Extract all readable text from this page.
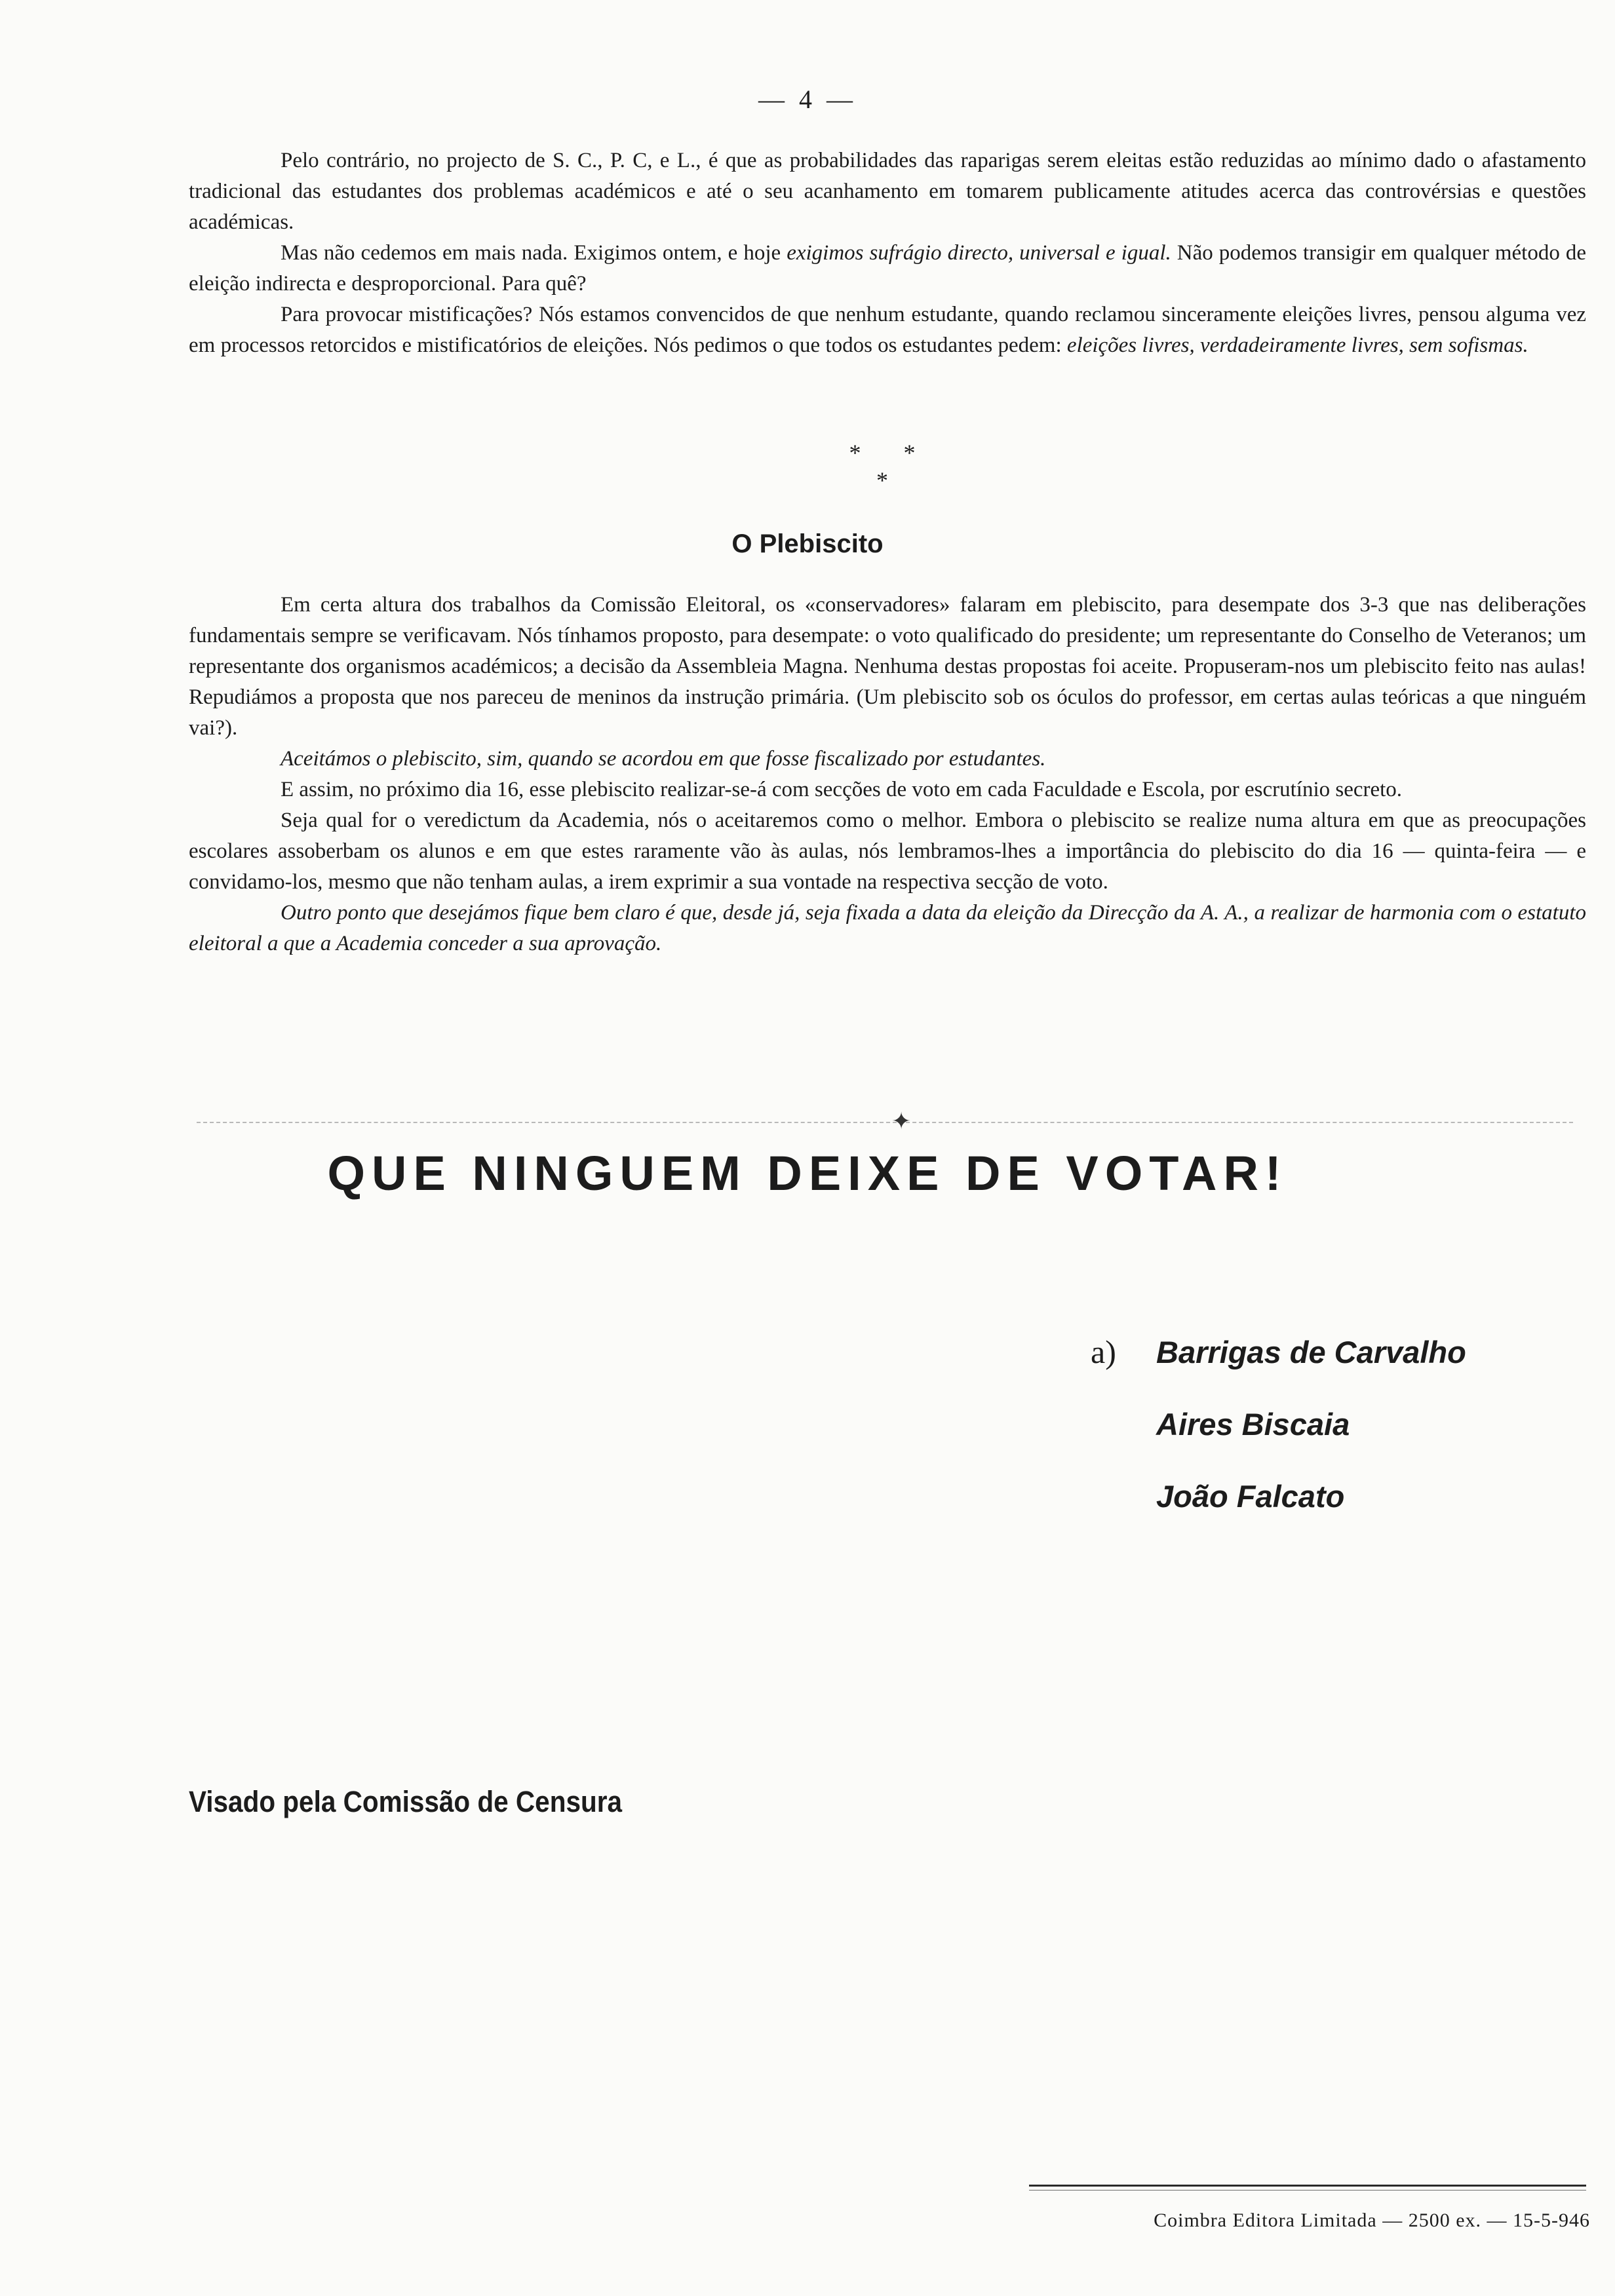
— 4 —

Pelo contrário, no projecto de S. C., P. C, e L., é que as probabilidades das raparigas serem eleitas estão reduzidas ao mínimo dado o afastamento tradicional das estudantes dos problemas académicos e até o seu acanhamento em tomarem publicamente atitudes acerca das controvérsias e questões académicas.

Mas não cedemos em mais nada. Exigimos ontem, e hoje exigimos sufrágio directo, universal e igual. Não podemos transigir em qualquer método de eleição indirecta e desproporcional. Para quê?

Para provocar mistificações? Nós estamos convencidos de que nenhum estudante, quando reclamou sinceramente eleições livres, pensou alguma vez em processos retorcidos e mistificatórios de eleições. Nós pedimos o que todos os estudantes pedem: eleições livres, verdadeiramente livres, sem sofismas.

* * *
O Plebiscito

Em certa altura dos trabalhos da Comissão Eleitoral, os «conservadores» falaram em plebiscito, para desempate dos 3-3 que nas deliberações fundamentais sempre se verificavam. Nós tínhamos proposto, para desempate: o voto qualificado do presidente; um representante do Conselho de Veteranos; um representante dos organismos académicos; a decisão da Assembleia Magna. Nenhuma destas propostas foi aceite. Propuseram-nos um plebiscito feito nas aulas! Repudiámos a proposta que nos pareceu de meninos da instrução primária. (Um plebiscito sob os óculos do professor, em certas aulas teóricas a que ninguém vai?).

Aceitámos o plebiscito, sim, quando se acordou em que fosse fiscalizado por estudantes.

E assim, no próximo dia 16, esse plebiscito realizar-se-á com secções de voto em cada Faculdade e Escola, por escrutínio secreto.

Seja qual for o veredictum da Academia, nós o aceitaremos como o melhor. Embora o plebiscito se realize numa altura em que as preocupações escolares assoberbam os alunos e em que estes raramente vão às aulas, nós lembramos-lhes a importância do plebiscito do dia 16 — quinta-feira — e convidamo-los, mesmo que não tenham aulas, a irem exprimir a sua vontade na respectiva secção de voto.

Outro ponto que desejámos fique bem claro é que, desde já, seja fixada a data da eleição da Direcção da A. A., a realizar de harmonia com o estatuto eleitoral a que a Academia conceder a sua aprovação.

✦
QUE NINGUEM DEIXE DE VOTAR!
a) Barrigas de Carvalho
Aires Biscaia
João Falcato
Visado pela Comissão de Censura
Coimbra Editora Limitada — 2500 ex. — 15-5-946
